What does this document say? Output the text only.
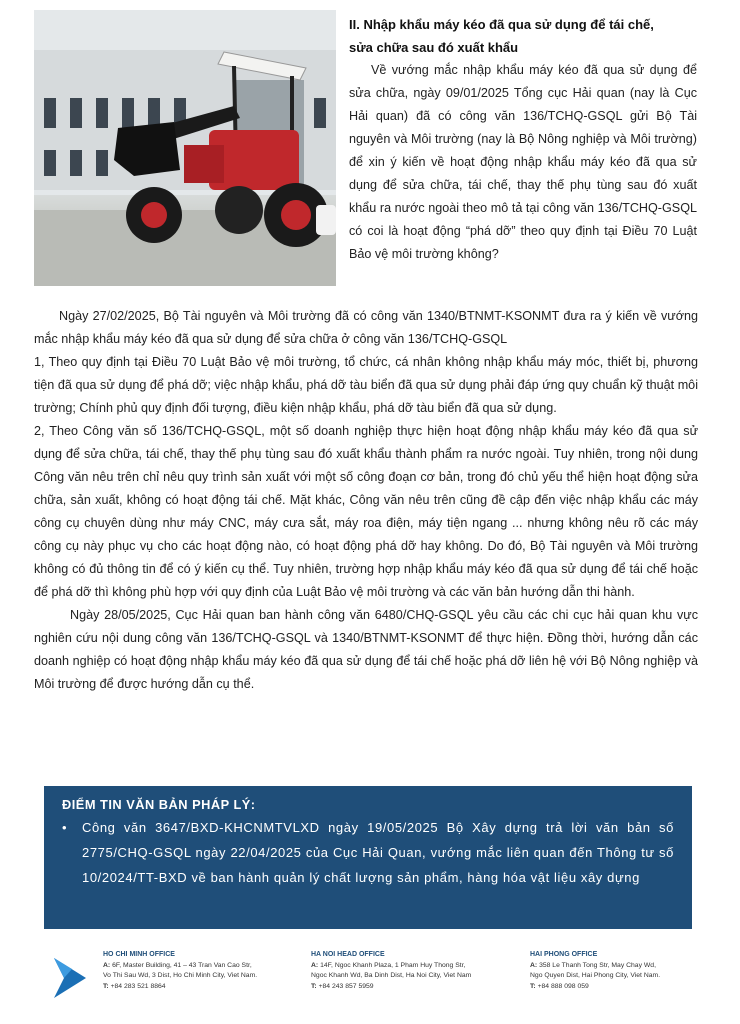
II. Nhập khẩu máy kéo đã qua sử dụng để tái chế,
sửa chữa sau đó xuất khẩu

Về vướng mắc nhập khẩu máy kéo đã qua sử dụng để sửa chữa, ngày 09/01/2025 Tổng cục Hải quan (nay là Cục Hải quan) đã có công văn 136/TCHQ-GSQL gửi Bộ Tài nguyên và Môi trường (nay là Bộ Nông nghiệp và Môi trường) để xin ý kiến về hoạt động nhập khẩu máy kéo đã qua sử dụng để sửa chữa, tái chế, thay thế phụ tùng sau đó xuất khẩu ra nước ngoài theo mô tả tại công văn 136/TCHQ-GSQL có coi là hoạt động “phá dỡ” theo quy định tại Điều 70 Luật Bảo vệ môi trường không?

Ngày 27/02/2025, Bộ Tài nguyên và Môi trường đã có công văn 1340/BTNMT-KSONMT đưa ra ý kiến về vướng mắc nhập khẩu máy kéo đã qua sử dụng để sửa chữa ở công văn 136/TCHQ-GSQL

1, Theo quy định tại Điều 70 Luật Bảo vệ môi trường, tổ chức, cá nhân không nhập khẩu máy móc, thiết bị, phương tiện đã qua sử dụng để phá dỡ; việc nhập khẩu, phá dỡ tàu biển đã qua sử dụng phải đáp ứng quy chuẩn kỹ thuật môi trường; Chính phủ quy định đối tượng, điều kiện nhập khẩu, phá dỡ tàu biển đã qua sử dụng.

2, Theo Công văn số 136/TCHQ-GSQL, một số doanh nghiệp thực hiện hoạt động nhập khẩu máy kéo đã qua sử dụng để sửa chữa, tái chế, thay thế phụ tùng sau đó xuất khẩu thành phẩm ra nước ngoài. Tuy nhiên, trong nội dung Công văn nêu trên chỉ nêu quy trình sản xuất với một số công đoạn cơ bản, trong đó chủ yếu thể hiện hoạt động sửa chữa, sản xuất, không có hoạt động tái chế. Mặt khác, Công văn nêu trên cũng đề cập đến việc nhập khẩu các máy công cụ chuyên dùng như máy CNC, máy cưa sắt, máy roa điện, máy tiện ngang ... nhưng không nêu rõ các máy công cụ này phục vụ cho các hoạt động nào, có hoạt động phá dỡ hay không. Do đó, Bộ Tài nguyên và Môi trường không có đủ thông tin để có ý kiến cụ thể. Tuy nhiên, trường hợp nhập khẩu máy kéo đã qua sử dụng để tái chế hoặc để phá dỡ thì không phù hợp với quy định của Luật Bảo vệ môi trường và các văn bản hướng dẫn thi hành.

Ngày 28/05/2025, Cục Hải quan ban hành công văn 6480/CHQ-GSQL yêu cầu các chi cục hải quan khu vực nghiên cứu nội dung công văn 136/TCHQ-GSQL và 1340/BTNMT-KSONMT để thực hiện. Đồng thời, hướng dẫn các doanh nghiệp có hoạt động nhập khẩu máy kéo đã qua sử dụng để tái chế hoặc phá dỡ liên hệ với Bộ Nông nghiệp và Môi trường để được hướng dẫn cụ thể.

ĐIỂM TIN VĂN BẢN PHÁP LÝ:
•	Công văn 3647/BXD-KHCNMTVLXD ngày 19/05/2025 Bộ Xây dựng trả lời văn bản số 2775/CHQ-GSQL ngày 22/04/2025 của Cục Hải Quan, vướng mắc liên quan đến Thông tư số 10/2024/TT-BXD về ban hành quản lý chất lượng sản phẩm, hàng hóa vật liệu xây dựng
HO CHI MINH OFFICE
A: 6F, Master Building, 41 – 43 Tran Van Cao Str,
Vo Thi Sau Wd, 3 Dist, Ho Chi Minh City, Viet Nam.
T: +84 283 521 8864
HA NOI HEAD OFFICE
A: 14F, Ngoc Khanh Plaza, 1 Pham Huy Thong Str,
Ngoc Khanh Wd, Ba Dinh Dist, Ha Noi City, Viet Nam
T: +84 243 857 5959
HAI PHONG OFFICE
A: 358 Le Thanh Tong Str, May Chay Wd,
Ngo Quyen Dist, Hai Phong City, Viet Nam.
T: +84 888 098 059
